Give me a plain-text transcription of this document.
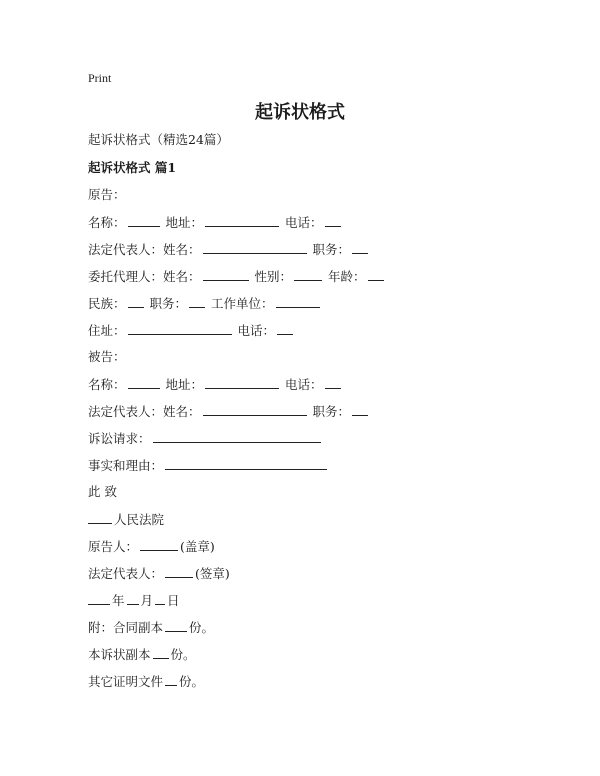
Print
起诉状格式
起诉状格式（精选24篇）
起诉状格式 篇1
原告：
名称：	地址：	电话：
法定代表人：姓名：	职务：
委托代理人：姓名：	性别：	年龄：
民族： 职务： 工作单位：
住址：	电话：
被告：
名称：	地址：	电话：
法定代表人：姓名：	职务：
诉讼请求：
事实和理由：
此 致
人民法院
原告人：	(盖章)
法定代表人：	(签章)
年 月 日
附：合同副本 份。
本诉状副本 份。
其它证明文件 份。
